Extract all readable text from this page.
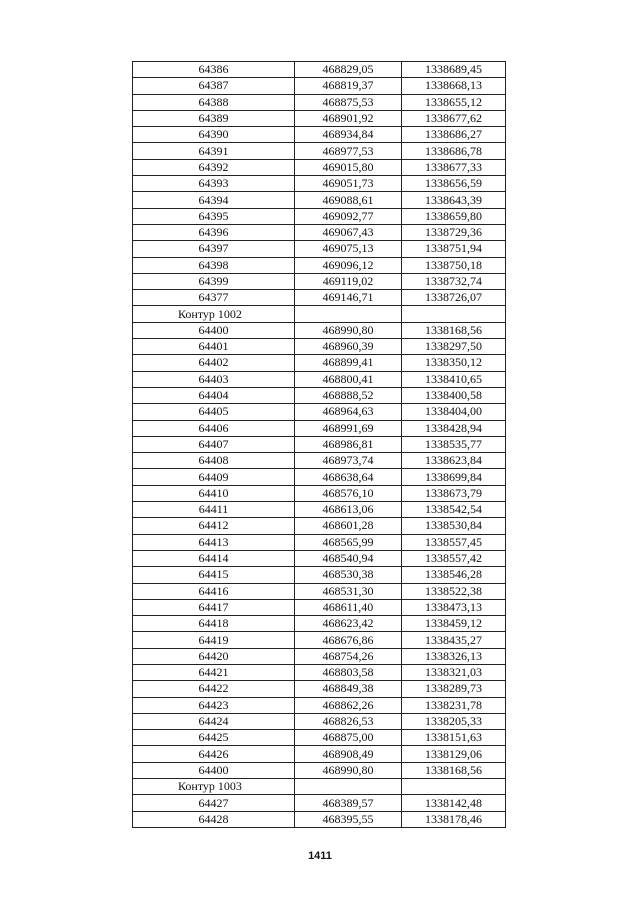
64386	468829,05	1338689,45
64387	468819,37	1338668,13
64388	468875,53	1338655,12
64389	468901,92	1338677,62
64390	468934,84	1338686,27
64391	468977,53	1338686,78
64392	469015,80	1338677,33
64393	469051,73	1338656,59
64394	469088,61	1338643,39
64395	469092,77	1338659,80
64396	469067,43	1338729,36
64397	469075,13	1338751,94
64398	469096,12	1338750,18
64399	469119,02	1338732,74
64377	469146,71	1338726,07
Контур 1002		
64400	468990,80	1338168,56
64401	468960,39	1338297,50
64402	468899,41	1338350,12
64403	468800,41	1338410,65
64404	468888,52	1338400,58
64405	468964,63	1338404,00
64406	468991,69	1338428,94
64407	468986,81	1338535,77
64408	468973,74	1338623,84
64409	468638,64	1338699,84
64410	468576,10	1338673,79
64411	468613,06	1338542,54
64412	468601,28	1338530,84
64413	468565,99	1338557,45
64414	468540,94	1338557,42
64415	468530,38	1338546,28
64416	468531,30	1338522,38
64417	468611,40	1338473,13
64418	468623,42	1338459,12
64419	468676,86	1338435,27
64420	468754,26	1338326,13
64421	468803,58	1338321,03
64422	468849,38	1338289,73
64423	468862,26	1338231,78
64424	468826,53	1338205,33
64425	468875,00	1338151,63
64426	468908,49	1338129,06
64400	468990,80	1338168,56
Контур 1003		
64427	468389,57	1338142,48
64428	468395,55	1338178,46
1411
